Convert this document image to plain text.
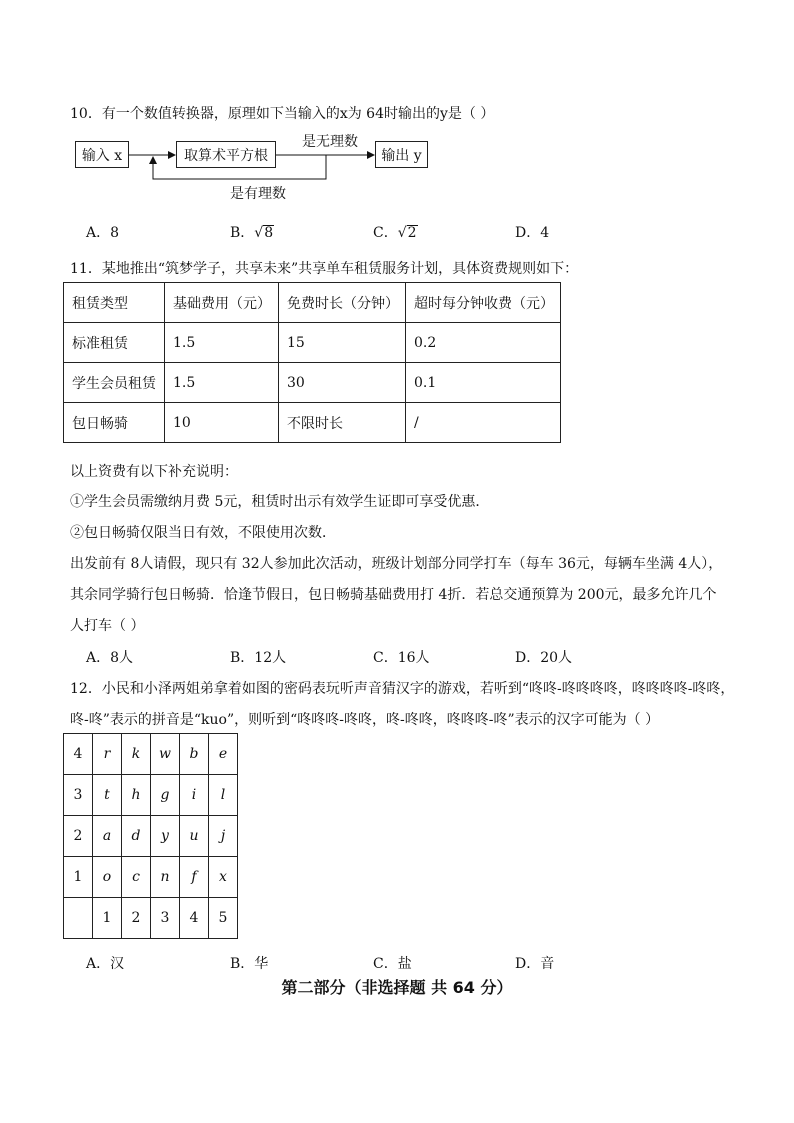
10．有一个数值转换器，原理如下当输入的x为 64时输出的y是（ ）
输入 x	取算术平方根	输出 y
是无理数
是有理数
A．8	B．√8	C．√2	D．4
11．某地推出“筑梦学子，共享未来”共享单车租赁服务计划，具体资费规则如下：
租赁类型	基础费用（元）	免费时长（分钟）	超时每分钟收费（元）
标准租赁	1.5	15	0.2
学生会员租赁	1.5	30	0.1
包日畅骑	10	不限时长	/
以上资费有以下补充说明：
①学生会员需缴纳月费 5元，租赁时出示有效学生证即可享受优惠．
②包日畅骑仅限当日有效，不限使用次数．
出发前有 8人请假，现只有 32人参加此次活动，班级计划部分同学打车（每车 36元，每辆车坐满 4人），
其余同学骑行包日畅骑．恰逢节假日，包日畅骑基础费用打 4折．若总交通预算为 200元，最多允许几个
人打车（ ）
A．8人	B．12人	C．16人	D．20人
12．小民和小泽两姐弟拿着如图的密码表玩听声音猜汉字的游戏，若听到“咚咚-咚咚咚咚，咚咚咚咚-咚咚，
咚-咚”表示的拼音是“kuo”，则听到“咚咚咚-咚咚，咚-咚咚，咚咚咚-咚”表示的汉字可能为（ ）
4	r	k	w	b	e
3	t	h	g	i	l
2	a	d	y	u	j
1	o	c	n	f	x
	1	2	3	4	5
A．汉	B．华	C．盐	D．音
第二部分（非选择题 共 64 分）
